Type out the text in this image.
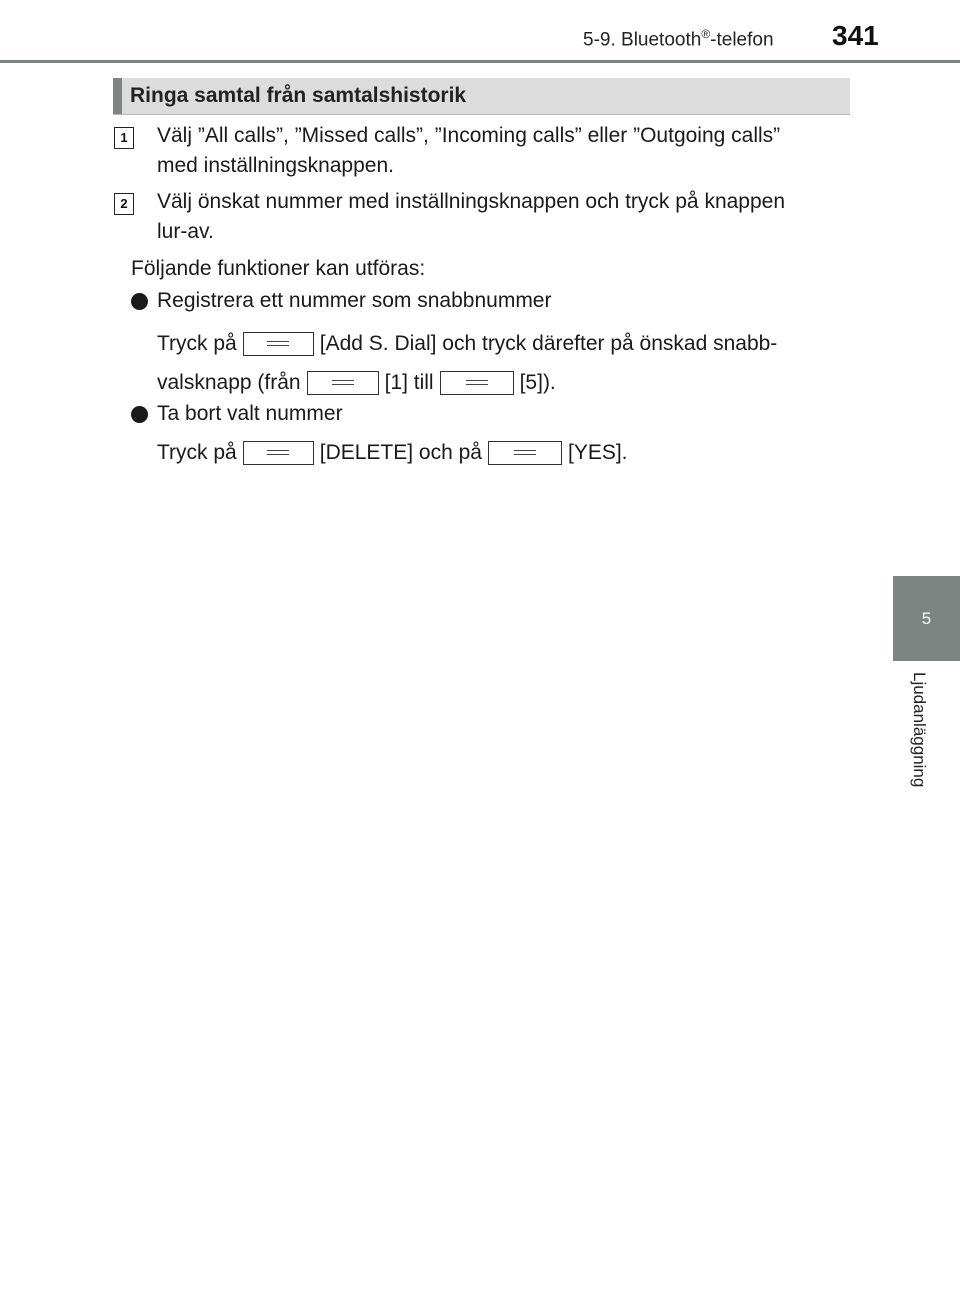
5-9. Bluetooth®-telefon 341
5
Ljudanläggning
Ringa samtal från samtalshistorik
1	Välj ”All calls”, ”Missed calls”, ”Incoming calls” eller ”Outgoing calls”
med inställningsknappen.
2	Välj önskat nummer med inställningsknappen och tryck på knappen
lur-av.
Följande funktioner kan utföras:
Registrera ett nummer som snabbnummer
Tryck på	[Add S. Dial] och tryck därefter på önskad snabb-
valsknapp (från	[1] till	[5]).
Ta bort valt nummer
Tryck på	[DELETE] och på	[YES].
